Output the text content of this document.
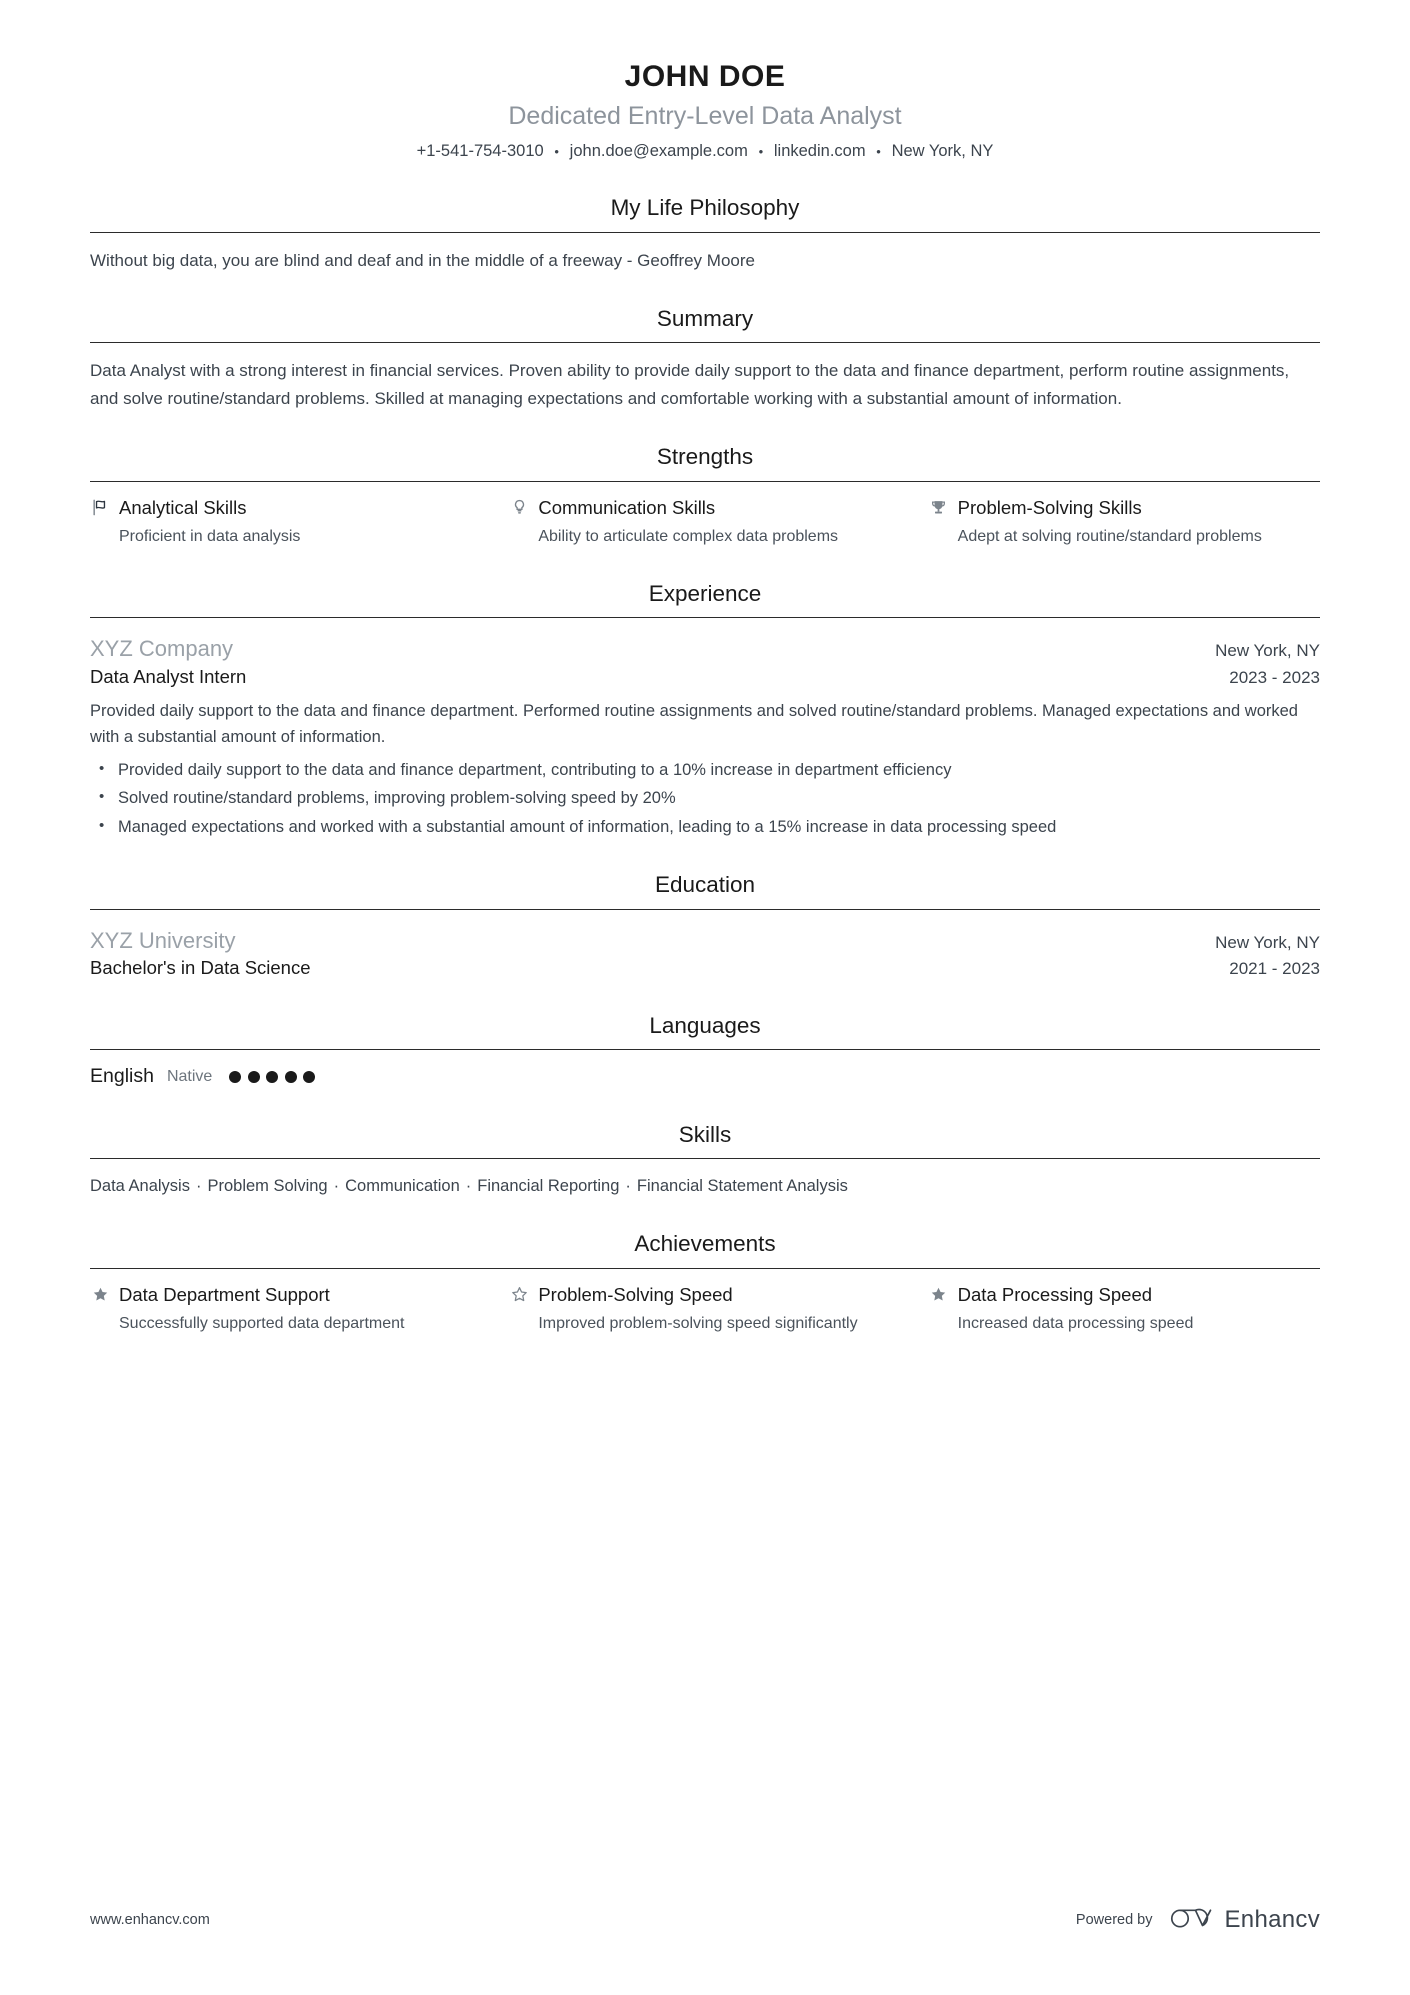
JOHN DOE
Dedicated Entry-Level Data Analyst
+1-541-754-3010 • john.doe@example.com • linkedin.com • New York, NY
My Life Philosophy
Without big data, you are blind and deaf and in the middle of a freeway - Geoffrey Moore
Summary
Data Analyst with a strong interest in financial services. Proven ability to provide daily support to the data and finance department, perform routine assignments, and solve routine/standard problems. Skilled at managing expectations and comfortable working with a substantial amount of information.
Strengths
Analytical Skills
Proficient in data analysis
Communication Skills
Ability to articulate complex data problems
Problem-Solving Skills
Adept at solving routine/standard problems
Experience
XYZ Company	New York, NY
Data Analyst Intern	2023 - 2023
Provided daily support to the data and finance department. Performed routine assignments and solved routine/standard problems. Managed expectations and worked with a substantial amount of information.
• Provided daily support to the data and finance department, contributing to a 10% increase in department efficiency
• Solved routine/standard problems, improving problem-solving speed by 20%
• Managed expectations and worked with a substantial amount of information, leading to a 15% increase in data processing speed
Education
XYZ University	New York, NY
Bachelor's in Data Science	2021 - 2023
Languages
English Native
Skills
Data Analysis · Problem Solving · Communication · Financial Reporting · Financial Statement Analysis
Achievements
Data Department Support
Successfully supported data department
Problem-Solving Speed
Improved problem-solving speed significantly
Data Processing Speed
Increased data processing speed
www.enhancv.com	Powered by	Enhancv
